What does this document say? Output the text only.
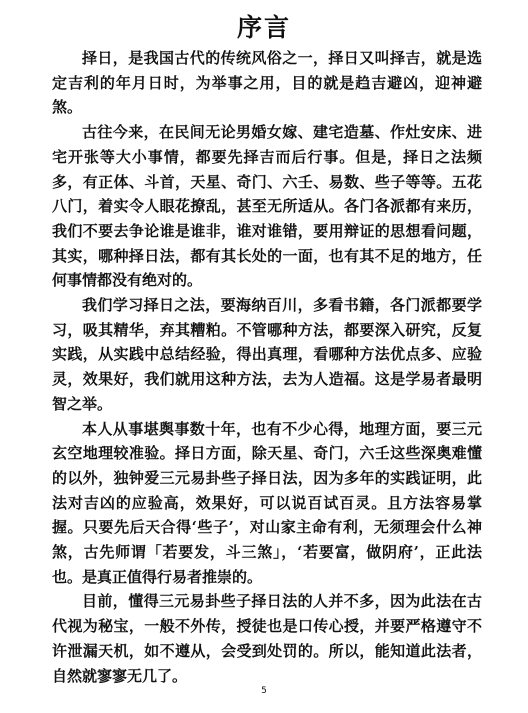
序言

择日，是我国古代的传统风俗之一，择日又叫择吉，就是选定吉利的年月日时，为举事之用，目的就是趋吉避凶，迎神避煞。

古往今来，在民间无论男婚女嫁、建宅造墓、作灶安床、进宅开张等大小事情，都要先择吉而后行事。但是，择日之法频多，有正体、斗首，天星、奇门、六壬、易数、些子等等。五花八门，着实令人眼花撩乱，甚至无所适从。各门各派都有来历，我们不要去争论谁是谁非，谁对谁错，要用辩证的思想看问题，其实，哪种择日法，都有其长处的一面，也有其不足的地方，任何事情都没有绝对的。

我们学习择日之法，要海纳百川，多看书籍，各门派都要学习，吸其精华，弃其糟粕。不管哪种方法，都要深入研究，反复实践，从实践中总结经验，得出真理，看哪种方法优点多、应验灵，效果好，我们就用这种方法，去为人造福。这是学易者最明智之举。

本人从事堪舆事数十年，也有不少心得，地理方面，要三元玄空地理较准验。择日方面，除天星、奇门，六壬这些深奥难懂的以外，独钟爱三元易卦些子择日法，因为多年的实践证明，此法对吉凶的应验高，效果好，可以说百试百灵。且方法容易掌握。只要先后天合得‘些子’，对山家主命有利，无须理会什么神煞，古先师谓「若要发，斗三煞」，‘若要富，做阴府’，正此法也。是真正值得行易者推崇的。

目前，懂得三元易卦些子择日法的人并不多，因为此法在古代视为秘宝，一般不外传，授徒也是口传心授，并要严格遵守不许泄漏天机，如不遵从，会受到处罚的。所以，能知道此法者，自然就寥寥无几了。

5
